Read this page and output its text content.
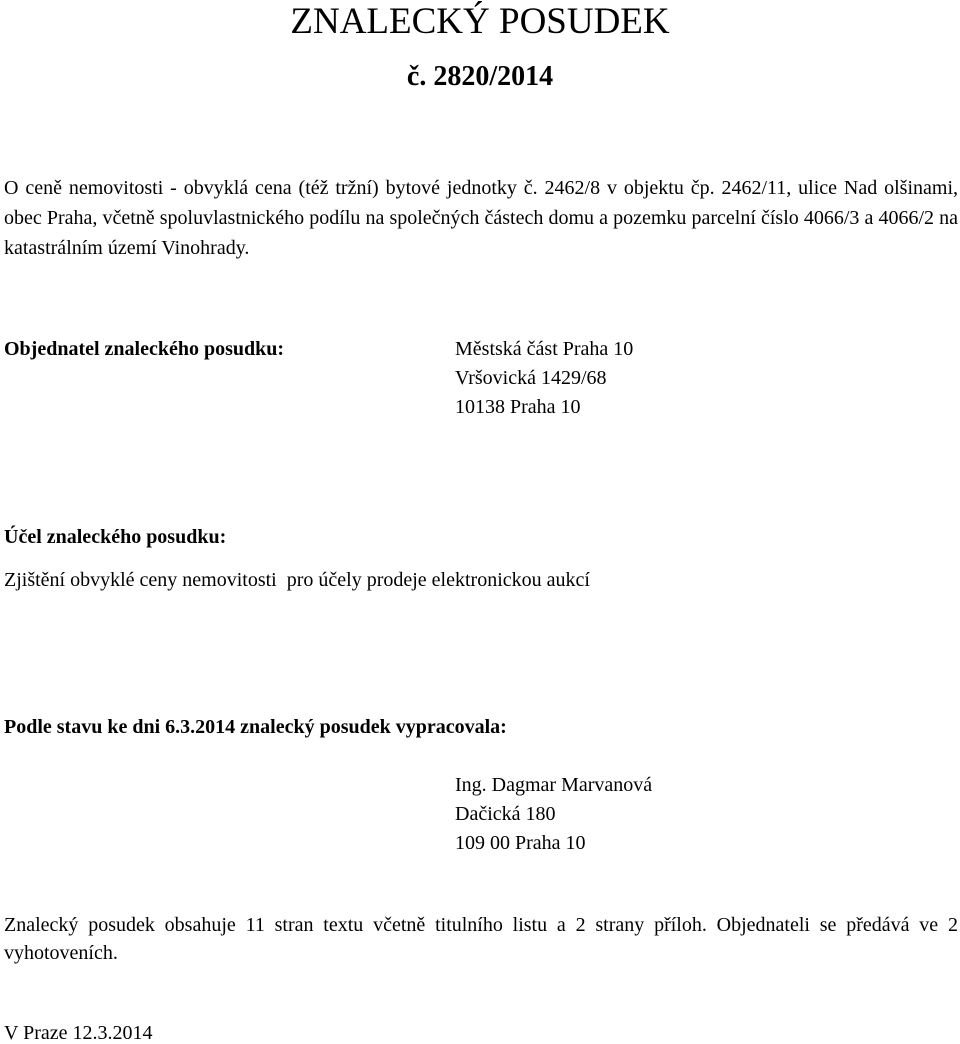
ZNALECKÝ POSUDEK
č. 2820/2014
O ceně nemovitosti - obvyklá cena (též tržní) bytové jednotky č. 2462/8 v objektu čp. 2462/11, ulice Nad olšinami, obec Praha, včetně spoluvlastnického podílu na společných částech domu a pozemku parcelní číslo 4066/3 a 4066/2 na katastrálním území Vinohrady.
Objednatel znaleckého posudku:	Městská část Praha 10
Vršovická 1429/68
10138 Praha 10
Účel znaleckého posudku:
Zjištění obvyklé ceny nemovitosti  pro účely prodeje elektronickou aukcí
Podle stavu ke dni 6.3.2014 znalecký posudek vypracovala:
Ing. Dagmar Marvanová
Dačická 180
109 00 Praha 10
Znalecký posudek obsahuje 11 stran textu včetně titulního listu a 2 strany příloh. Objednateli se předává ve 2 vyhotoveních.
V Praze 12.3.2014
